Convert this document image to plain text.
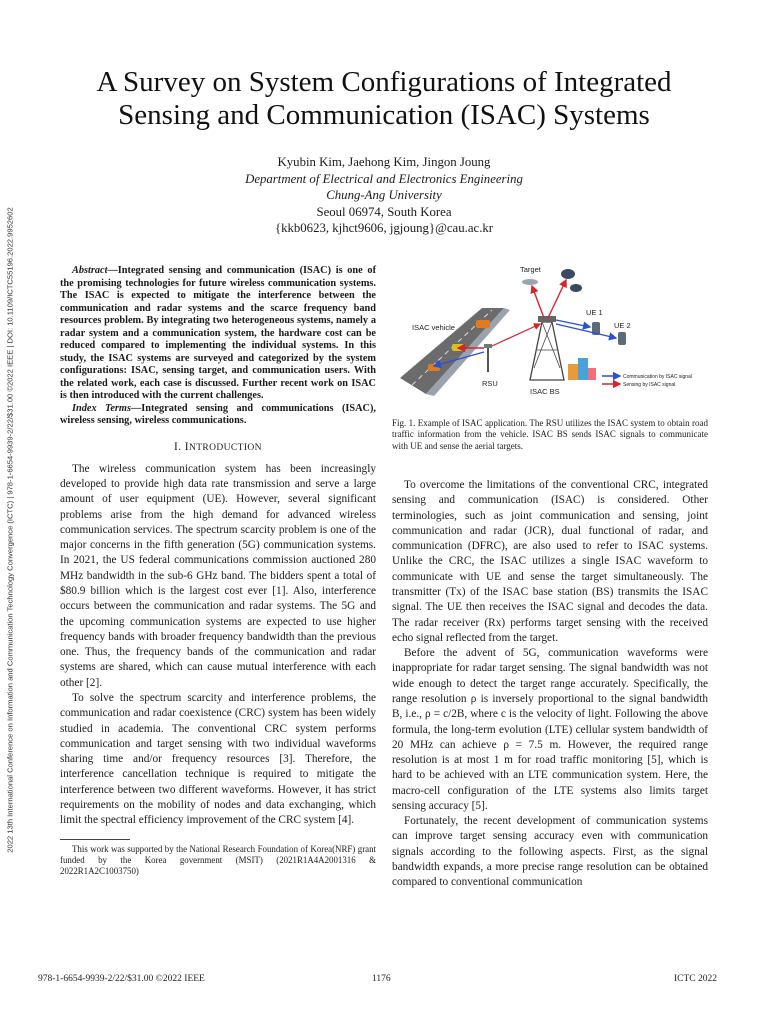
2022 13th International Conference on Information and Communication Technology Convergence (ICTC) | 978-1-6654-9939-2/22/$31.00 ©2022 IEEE | DOI: 10.1109/ICTC55196.2022.9952602
A Survey on System Configurations of Integrated
Sensing and Communication (ISAC) Systems
Kyubin Kim, Jaehong Kim, Jingon Joung
Department of Electrical and Electronics Engineering
Chung-Ang University
Seoul 06974, South Korea
{kkb0623, kjhct9606, jgjoung}@cau.ac.kr

Abstract—Integrated sensing and communication (ISAC) is one of the promising technologies for future wireless communication systems. The ISAC is expected to mitigate the interference between the communication and radar systems and the scarce frequency band resources problem. By integrating two heterogeneous systems, namely a radar system and a communication system, the hardware cost can be reduced compared to implementing the individual systems. In this study, the ISAC systems are surveyed and categorized by the system configurations: ISAC, sensing target, and communication users. With the related work, each case is discussed. Further recent work on ISAC is then introduced with the current challenges.

Index Terms—Integrated sensing and communications (ISAC), wireless sensing, wireless communications.

I. INTRODUCTION

The wireless communication system has been increasingly developed to provide high data rate transmission and serve a large amount of user equipment (UE). However, several significant problems arise from the high demand for advanced wireless communication services. The spectrum scarcity problem is one of the major concerns in the fifth generation (5G) communication systems. In 2021, the US federal communications commission auctioned 280 MHz bandwidth in the sub-6 GHz band. The bidders spent a total of $80.9 billion which is the largest cost ever [1]. Also, interference occurs between the communication and radar systems. The 5G and the upcoming communication systems are expected to use higher frequency bands with broader frequency bandwidth than the previous one. Thus, the frequency bands of the communication and radar systems are shared, which can cause mutual interference with each other [2].

To solve the spectrum scarcity and interference problems, the communication and radar coexistence (CRC) system has been widely studied in academia. The conventional CRC system performs communication and target sensing with two individual waveforms sharing time and/or frequency resources [3]. Therefore, the interference cancellation technique is required to mitigate the interference between two different waveforms. However, it has strict requirements on the mobility of nodes and data exchanging, which limit the spectral efficiency improvement of the CRC system [4].

This work was supported by the National Research Foundation of Korea(NRF) grant funded by the Korea government (MSIT) (2021R1A4A2001316 & 2022R1A2C1003750)

Target
ISAC vehicle
RSU
ISAC BS
UE 1
UE 2
Communication by ISAC signal
Sensing by ISAC signal
Fig. 1. Example of ISAC application. The RSU utilizes the ISAC system to obtain road traffic information from the vehicle. ISAC BS sends ISAC signals to communicate with UE and sense the aerial targets.

To overcome the limitations of the conventional CRC, integrated sensing and communication (ISAC) is considered. Other terminologies, such as joint communication and sensing, joint communication and radar (JCR), dual functional of radar, and communication (DFRC), are also used to refer to ISAC systems. Unlike the CRC, the ISAC utilizes a single ISAC waveform to communicate with UE and sense the target simultaneously. The transmitter (Tx) of the ISAC base station (BS) transmits the ISAC signal. The UE then receives the ISAC signal and decodes the data. The radar receiver (Rx) performs target sensing with the received echo signal reflected from the target.

Before the advent of 5G, communication waveforms were inappropriate for radar target sensing. The signal bandwidth was not wide enough to detect the target range accurately. Specifically, the range resolution ρ is inversely proportional to the signal bandwidth B, i.e., ρ = c/2B, where c is the velocity of light. Following the above formula, the long-term evolution (LTE) cellular system bandwidth of 20 MHz can achieve ρ = 7.5 m. However, the required range resolution is at most 1 m for road traffic monitoring [5], which is hard to be achieved with an LTE communication system. Here, the macro-cell configuration of the LTE systems also limits target sensing accuracy [5].

Fortunately, the recent development of communication systems can improve target sensing accuracy even with communication signals according to the following aspects. First, as the signal bandwidth expands, a more precise range resolution can be obtained compared to conventional communication

978-1-6654-9939-2/22/$31.00 ©2022 IEEE	1176	ICTC 2022
